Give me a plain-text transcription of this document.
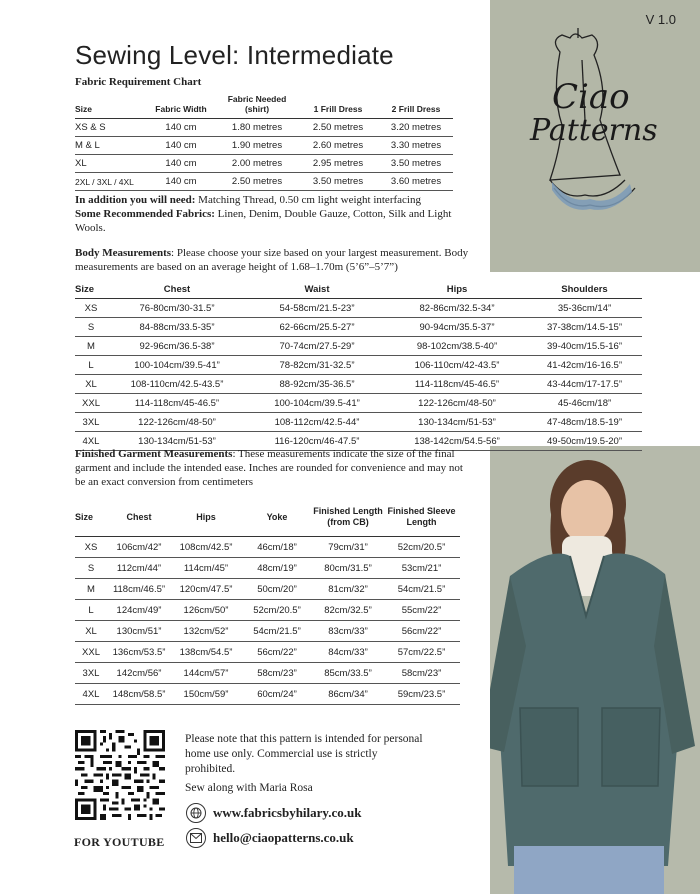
Ciao
Patterns
V 1.0
Sewing Level: Intermediate
Fabric Requirement Chart
Size	Fabric Width	Fabric Needed (shirt)	1 Frill Dress	2 Frill Dress
XS & S	140 cm	1.80 metres	2.50 metres	3.20 metres
M & L	140 cm	1.90 metres	2.60 metres	3.30 metres
XL	140 cm	2.00 metres	2.95 metres	3.50 metres
2XL / 3XL / 4XL	140 cm	2.50 metres	3.50 metres	3.60 metres
In addition you will need: Matching Thread, 0.50 cm light weight interfacing
Some Recommended Fabrics: Linen, Denim, Double Gauze, Cotton, Silk and Light Wools.
Body Measurements: Please choose your size based on your largest measurement. Body measurements are based on an average height of 1.68–1.70m (5’6”–5’7”)
Size	Chest	Waist	Hips	Shoulders
XS	76-80cm/30-31.5”	54-58cm/21.5-23”	82-86cm/32.5-34”	35-36cm/14”
S	84-88cm/33.5-35”	62-66cm/25.5-27”	90-94cm/35.5-37”	37-38cm/14.5-15”
M	92-96cm/36.5-38”	70-74cm/27.5-29”	98-102cm/38.5-40”	39-40cm/15.5-16”
L	100-104cm/39.5-41”	78-82cm/31-32.5”	106-110cm/42-43.5”	41-42cm/16-16.5”
XL	108-110cm/42.5-43.5”	88-92cm/35-36.5”	114-118cm/45-46.5”	43-44cm/17-17.5”
XXL	114-118cm/45-46.5”	100-104cm/39.5-41”	122-126cm/48-50”	45-46cm/18”
3XL	122-126cm/48-50”	108-112cm/42.5-44”	130-134cm/51-53”	47-48cm/18.5-19”
4XL	130-134cm/51-53”	116-120cm/46-47.5”	138-142cm/54.5-56”	49-50cm/19.5-20”
Finished Garment Measurements: These measurements indicate the size of the final garment and include the intended ease. Inches are rounded for convenience and may not be an exact conversion from centimeters
Size	Chest	Hips	Yoke	Finished Length (from CB)	Finished Sleeve Length
XS	106cm/42”	108cm/42.5”	46cm/18”	79cm/31”	52cm/20.5”
S	112cm/44”	114cm/45”	48cm/19”	80cm/31.5”	53cm/21”
M	118cm/46.5”	120cm/47.5”	50cm/20”	81cm/32”	54cm/21.5”
L	124cm/49”	126cm/50”	52cm/20.5”	82cm/32.5”	55cm/22”
XL	130cm/51”	132cm/52”	54cm/21.5”	83cm/33”	56cm/22”
XXL	136cm/53.5”	138cm/54.5”	56cm/22”	84cm/33”	57cm/22.5”
3XL	142cm/56”	144cm/57”	58cm/23”	85cm/33.5”	58cm/23”
4XL	148cm/58.5”	150cm/59”	60cm/24”	86cm/34”	59cm/23.5”
FOR YOUTUBE
Please note that this pattern is intended for personal home use only. Commercial use is strictly prohibited.
Sew along with Maria Rosa
www.fabricsbyhilary.co.uk
hello@ciaopatterns.co.uk
